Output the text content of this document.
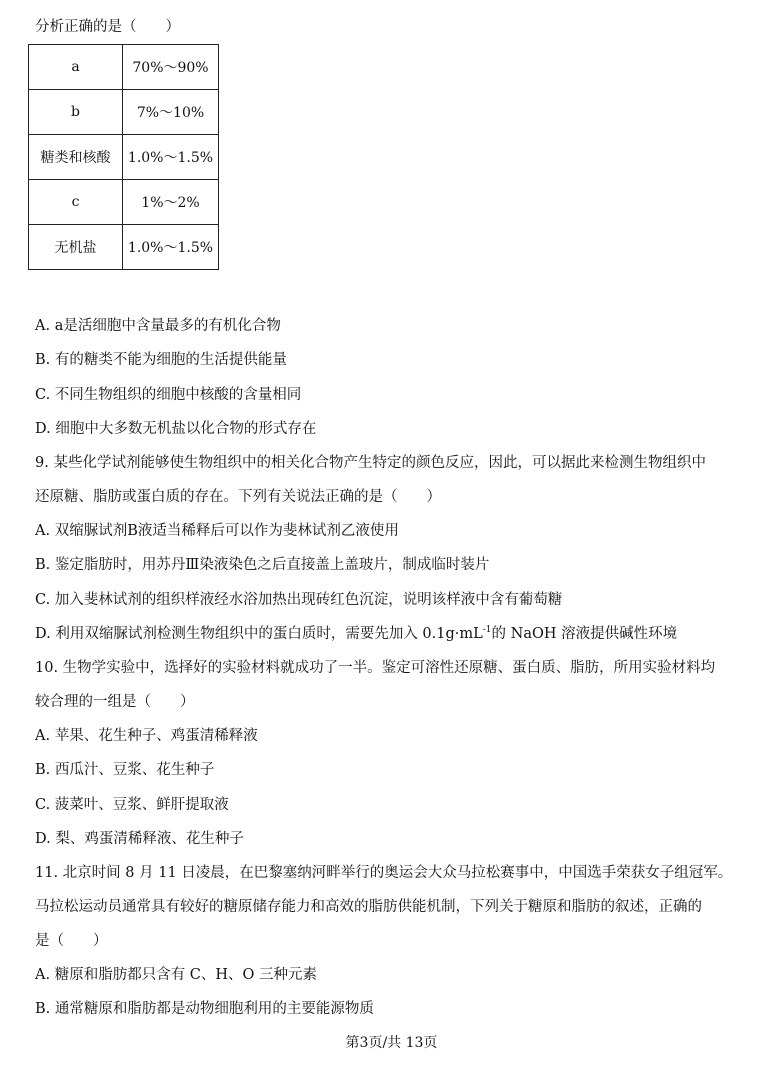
分析正确的是（　　）
a	70%～90%
b	7%～10%
糖类和核酸	1.0%～1.5%
c	1%～2%
无机盐	1.0%～1.5%
A. a是活细胞中含量最多的有机化合物
B. 有的糖类不能为细胞的生活提供能量
C. 不同生物组织的细胞中核酸的含量相同
D. 细胞中大多数无机盐以化合物的形式存在
9. 某些化学试剂能够使生物组织中的相关化合物产生特定的颜色反应，因此，可以据此来检测生物组织中
还原糖、脂肪或蛋白质的存在。下列有关说法正确的是（　　）
A. 双缩脲试剂B液适当稀释后可以作为斐林试剂乙液使用
B. 鉴定脂肪时，用苏丹Ⅲ染液染色之后直接盖上盖玻片，制成临时装片
C. 加入斐林试剂的组织样液经水浴加热出现砖红色沉淀，说明该样液中含有葡萄糖
D. 利用双缩脲试剂检测生物组织中的蛋白质时，需要先加入 $0.1g\cdot mL^{-1}$的 NaOH 溶液提供碱性环境
10. 生物学实验中，选择好的实验材料就成功了一半。鉴定可溶性还原糖、蛋白质、脂肪，所用实验材料均
较合理的一组是（　　）
A. 苹果、花生种子、鸡蛋清稀释液
B. 西瓜汁、豆浆、花生种子
C. 菠菜叶、豆浆、鲜肝提取液
D. 梨、鸡蛋清稀释液、花生种子
11. 北京时间 8 月 11 日凌晨，在巴黎塞纳河畔举行的奥运会大众马拉松赛事中，中国选手荣获女子组冠军。
马拉松运动员通常具有较好的糖原储存能力和高效的脂肪供能机制，下列关于糖原和脂肪的叙述，正确的
是（　　）
A. 糖原和脂肪都只含有 C、H、O 三种元素
B. 通常糖原和脂肪都是动物细胞利用的主要能源物质
第3页/共 13页
